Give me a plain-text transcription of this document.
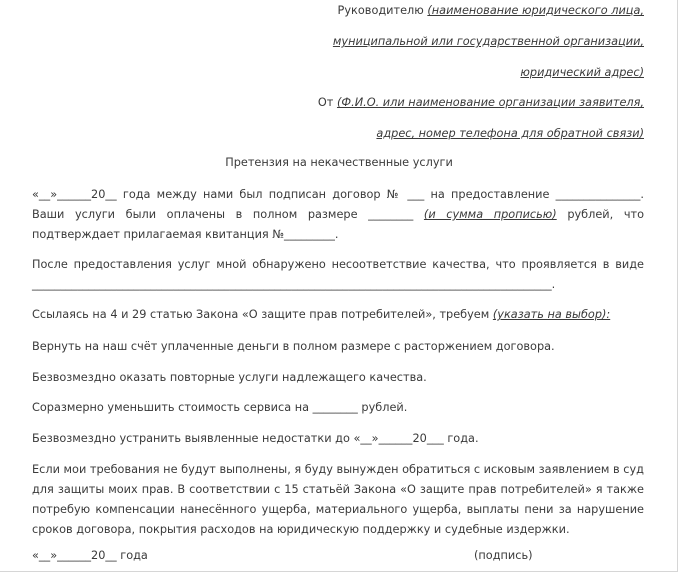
Руководителю (наименование юридического лица,
муниципальной или государственной организации,
юридический адрес)
От (Ф.И.О. или наименование организации заявителя,
адрес, номер телефона для обратной связи)
Претензия на некачественные услуги
«__»______20__ года между нами был подписан договор № ___ на предоставление _______________. Ваши услуги были оплачены в полном размере ________ (и сумма прописью) рублей, что подтверждает прилагаемая квитанция №_________.
После предоставления услуг мной обнаружено несоответствие качества, что проявляется в виде ____________________________________________________________________________________________.
Ссылаясь на 4 и 29 статью Закона «О защите прав потребителей», требуем (указать на выбор):
Вернуть на наш счёт уплаченные деньги в полном размере с расторжением договора.
Безвозмездно оказать повторные услуги надлежащего качества.
Соразмерно уменьшить стоимость сервиса на ________ рублей.
Безвозмездно устранить выявленные недостатки до «__»______20___ года.
Если мои требования не будут выполнены, я буду вынужден обратиться с исковым заявлением в суд для защиты моих прав. В соответствии с 15 статьёй Закона «О защите прав потребителей» я также потребую компенсации нанесённого ущерба, материального ущерба, выплаты пени за нарушение сроков договора, покрытия расходов на юридическую поддержку и судебные издержки.
«__»______20__ года	(подпись)
